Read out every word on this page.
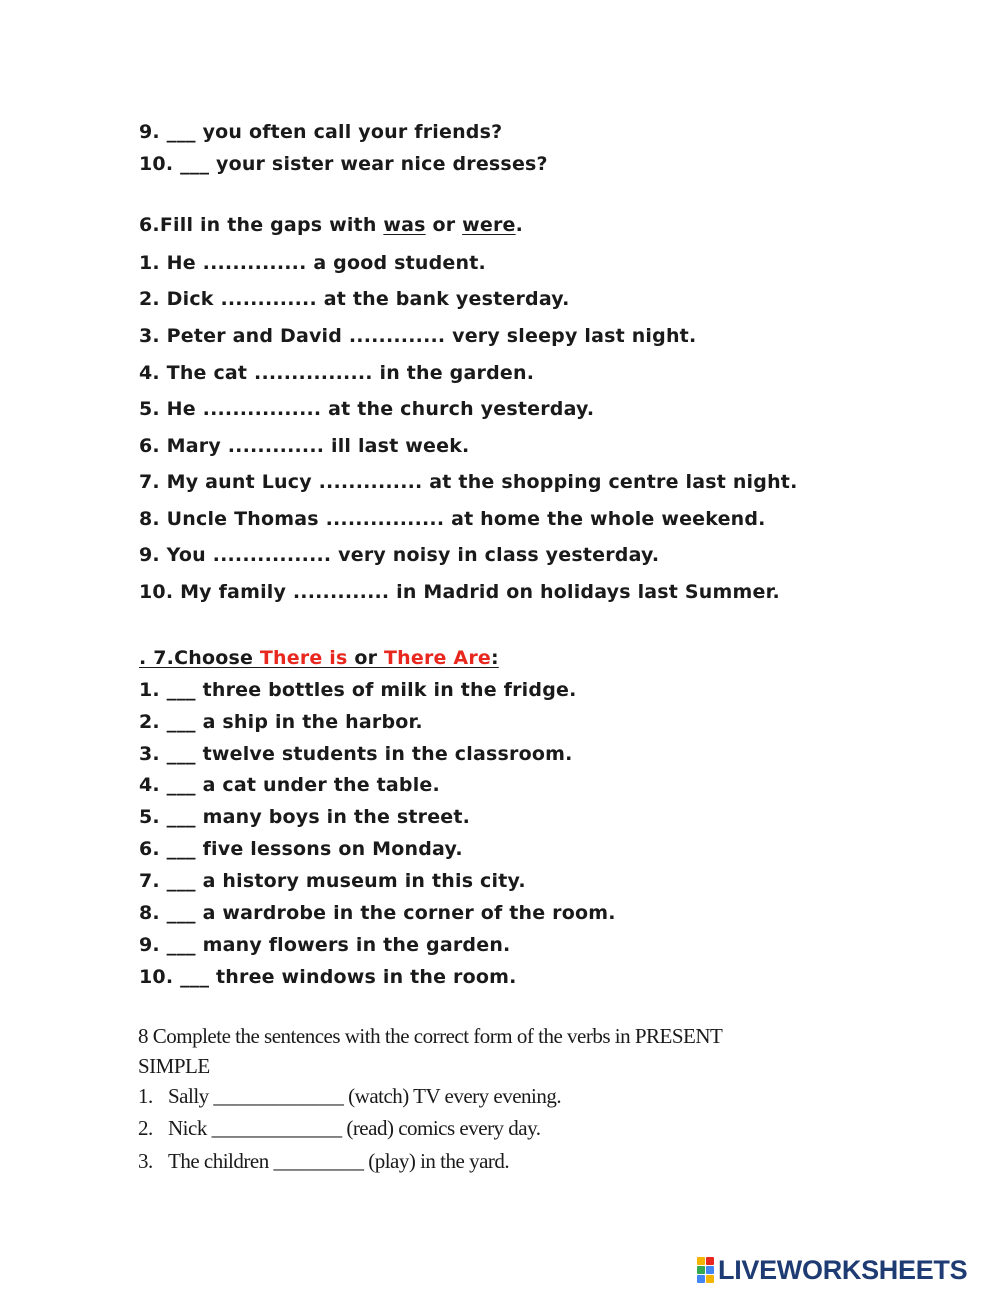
9. ___ you often call your friends?
10. ___ your sister wear nice dresses?
6.Fill in the gaps with was or were.
1. He .............. a good student.
2. Dick ............. at the bank yesterday.
3. Peter and David ............. very sleepy last night.
4. The cat ................ in the garden.
5. He ................ at the church yesterday.
6. Mary ............. ill last week.
7. My aunt Lucy .............. at the shopping centre last night.
8. Uncle Thomas ................ at home the whole weekend.
9. You ................ very noisy in class yesterday.
10. My family ............. in Madrid on holidays last Summer.
. 7.Choose There is or There Are:
1. ___ three bottles of milk in the fridge.
2. ___ a ship in the harbor.
3. ___ twelve students in the classroom.
4. ___ a cat under the table.
5. ___ many boys in the street.
6. ___ five lessons on Monday.
7. ___ a history museum in this city.
8. ___ a wardrobe in the corner of the room.
9. ___ many flowers in the garden.
10. ___ three windows in the room.
8 Complete the sentences with the correct form of the verbs in PRESENT
SIMPLE
1. Sally _____________ (watch) TV every evening.
2. Nick _____________ (read) comics every day.
3. The children _________ (play) in the yard.
LIVEWORKSHEETS
